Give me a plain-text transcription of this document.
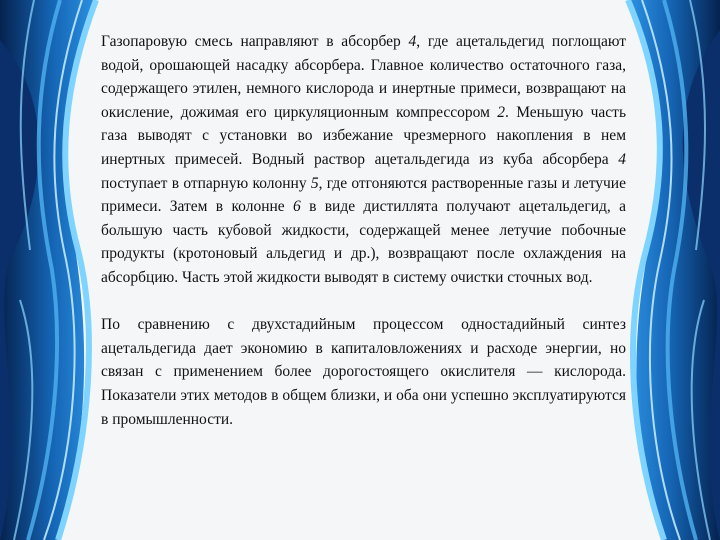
Газопаровую смесь направляют в абсорбер 4, где ацетальдегид поглощают водой, орошающей насадку абсорбера. Главное количество остаточного газа, содержащего этилен, немного кислорода и инертные примеси, возвращают на окисление, дожимая его циркуляционным компрессором 2. Меньшую часть газа выводят с установки во избежание чрезмерного накопления в нем инертных примесей. Водный раствор ацетальдегида из куба абсорбера 4 поступает в отпарную колонну 5, где отгоняются растворенные газы и летучие примеси. Затем в колонне 6 в виде дистиллята получают ацетальдегид, а большую часть кубовой жидкости, содержащей менее летучие побочные продукты (кротоновый альдегид и др.), возвращают после охлаждения на абсорбцию. Часть этой жидкости выводят в систему очистки сточных вод.

По сравнению с двухстадийным процессом одностадийный синтез ацетальдегида дает экономию в капиталовложениях и расходе энергии, но связан с применением более дорогостоящего окислителя — кислорода. Показатели этих методов в общем близки, и оба они успешно эксплуатируются в промышленности.
